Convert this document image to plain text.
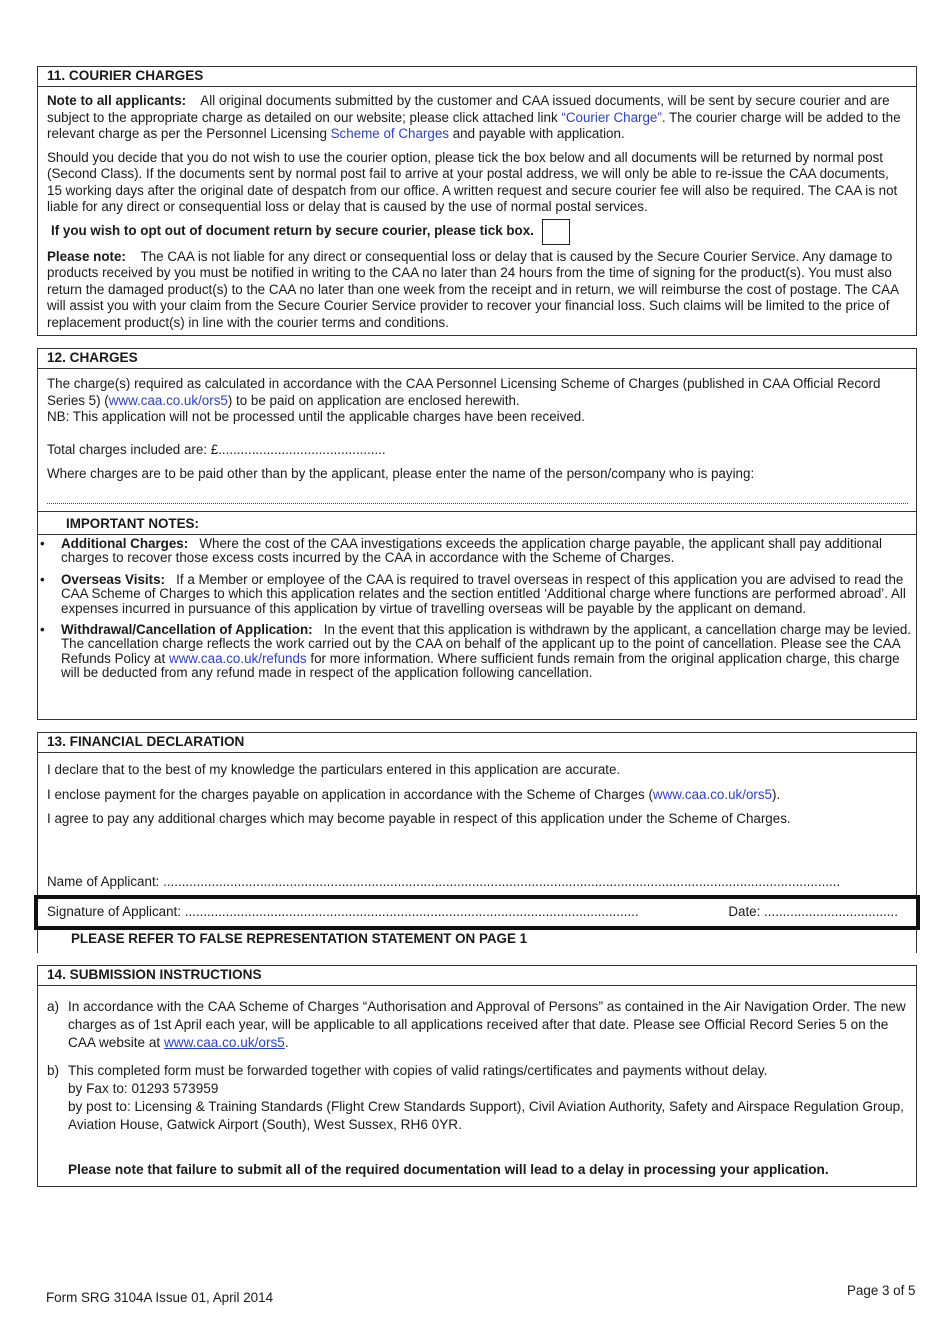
11. COURIER CHARGES

Note to all applicants: All original documents submitted by the customer and CAA issued documents, will be sent by secure courier and are subject to the appropriate charge as detailed on our website; please click attached link “Courier Charge”. The courier charge will be added to the relevant charge as per the Personnel Licensing Scheme of Charges and payable with application.

Should you decide that you do not wish to use the courier option, please tick the box below and all documents will be returned by normal post (Second Class). If the documents sent by normal post fail to arrive at your postal address, we will only be able to re-issue the CAA documents, 15 working days after the original date of despatch from our office. A written request and secure courier fee will also be required. The CAA is not liable for any direct or consequential loss or delay that is caused by the use of normal postal services.

If you wish to opt out of document return by secure courier, please tick box.

Please note: The CAA is not liable for any direct or consequential loss or delay that is caused by the Secure Courier Service. Any damage to products received by you must be notified in writing to the CAA no later than 24 hours from the time of signing for the product(s). You must also return the damaged product(s) to the CAA no later than one week from the receipt and in return, we will reimburse the cost of postage. The CAA will assist you with your claim from the Secure Courier Service provider to recover your financial loss. Such claims will be limited to the price of replacement product(s) in line with the courier terms and conditions.

12. CHARGES

The charge(s) required as calculated in accordance with the CAA Personnel Licensing Scheme of Charges (published in CAA Official Record Series 5) (www.caa.co.uk/ors5) to be paid on application are enclosed herewith.

NB: This application will not be processed until the applicable charges have been received.

Total charges included are: £.............................................

Where charges are to be paid other than by the applicant, please enter the name of the person/company who is paying:

IMPORTANT NOTES:
•	Additional Charges: Where the cost of the CAA investigations exceeds the application charge payable, the applicant shall pay additional charges to recover those excess costs incurred by the CAA in accordance with the Scheme of Charges.
•	Overseas Visits: If a Member or employee of the CAA is required to travel overseas in respect of this application you are advised to read the CAA Scheme of Charges to which this application relates and the section entitled ‘Additional charge where functions are performed abroad’. All expenses incurred in pursuance of this application by virtue of travelling overseas will be payable by the applicant on demand.
•	Withdrawal/Cancellation of Application: In the event that this application is withdrawn by the applicant, a cancellation charge may be levied. The cancellation charge reflects the work carried out by the CAA on behalf of the applicant up to the point of cancellation. Please see the CAA Refunds Policy at www.caa.co.uk/refunds for more information. Where sufficient funds remain from the original application charge, this charge will be deducted from any refund made in respect of the application following cancellation.
13. FINANCIAL DECLARATION

I declare that to the best of my knowledge the particulars entered in this application are accurate.

I enclose payment for the charges payable on application in accordance with the Scheme of Charges (www.caa.co.uk/ors5).

I agree to pay any additional charges which may become payable in respect of this application under the Scheme of Charges.

Name of Applicant: ......................................................................................................................................................................................

Signature of Applicant: ..........................................................................................................................	Date: ....................................
PLEASE REFER TO FALSE REPRESENTATION STATEMENT ON PAGE 1
14. SUBMISSION INSTRUCTIONS
a) In accordance with the CAA Scheme of Charges “Authorisation and Approval of Persons” as contained in the Air Navigation Order. The new charges as of 1st April each year, will be applicable to all applications received after that date. Please see Official Record Series 5 on the CAA website at www.caa.co.uk/ors5.
b) This completed form must be forwarded together with copies of valid ratings/certificates and payments without delay.
by Fax to: 01293 573959
by post to: Licensing & Training Standards (Flight Crew Standards Support), Civil Aviation Authority, Safety and Airspace Regulation Group, Aviation House, Gatwick Airport (South), West Sussex, RH6 0YR.

Please note that failure to submit all of the required documentation will lead to a delay in processing your application.

Form SRG 3104A Issue 01, April 2014	Page 3 of 5
